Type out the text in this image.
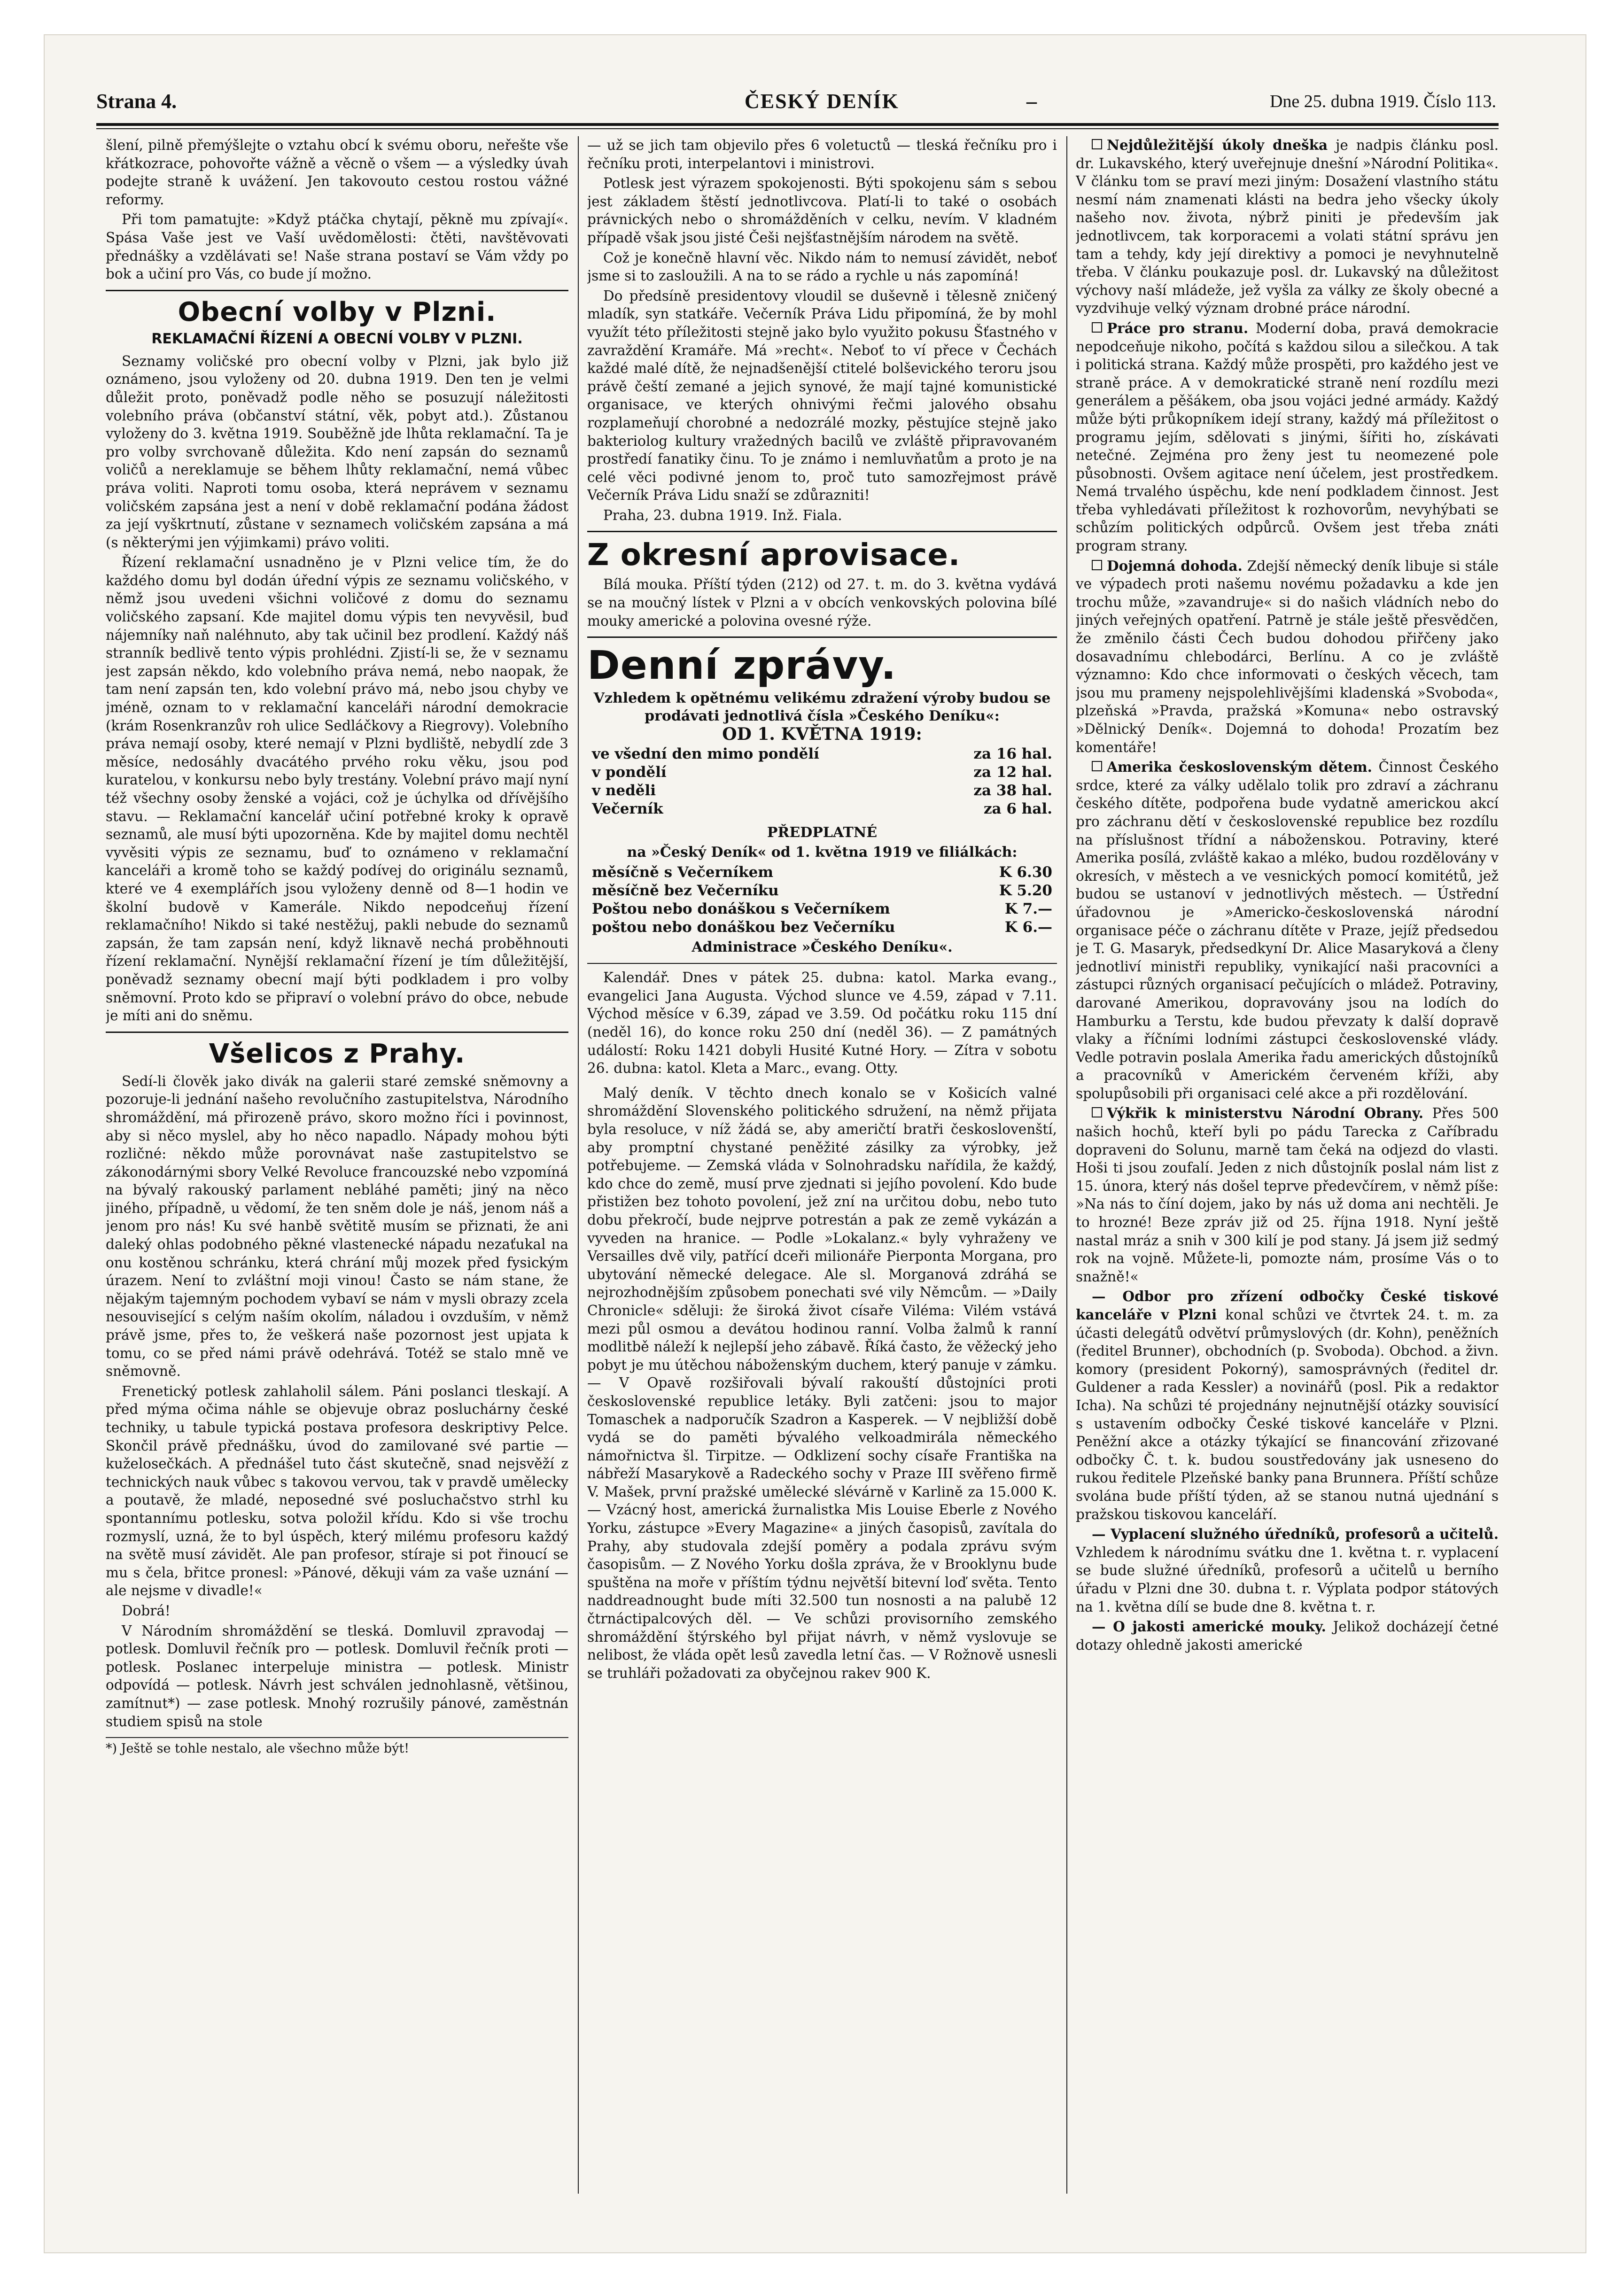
Strana 4.	ČESKÝ DENÍK	–	Dne 25. dubna 1919. Číslo 113.

šlení, pilně přemýšlejte o vztahu obcí k svému oboru, neřešte vše křátkozrace, pohovořte vážně a věcně o všem — a výsledky úvah podejte straně k uvážení. Jen takovouto cestou rostou vážné reformy.

Při tom pamatujte: »Když ptáčka chytají, pěkně mu zpívají«. Spása Vaše jest ve Vaší uvědomělosti: čtěti, navštěvovati přednášky a vzdělávati se! Naše strana postaví se Vám vždy po bok a učiní pro Vás, co bude jí možno.

Obecní volby v Plzni.
REKLAMAČNÍ ŘÍZENÍ A OBECNÍ VOLBY V PLZNI.

Seznamy voličské pro obecní volby v Plzni, jak bylo již oznámeno, jsou vyloženy od 20. dubna 1919. Den ten je velmi důležit proto, poněvadž podle něho se posuzují náležitosti volebního práva (občanství státní, věk, pobyt atd.). Zůstanou vyloženy do 3. května 1919. Souběžně jde lhůta reklamační. Ta je pro volby svrchovaně důležita. Kdo není zapsán do seznamů voličů a nereklamuje se během lhůty reklamační, nemá vůbec práva voliti. Naproti tomu osoba, která neprávem v seznamu voličském zapsána jest a není v době reklamační podána žádost za její vyškrtnutí, zůstane v seznamech voličském zapsána a má (s některými jen výjimkami) právo voliti.

Řízení reklamační usnadněno je v Plzni velice tím, že do každého domu byl dodán úřední výpis ze seznamu voličského, v němž jsou uvedeni všichni voličové z domu do seznamu voličského zapsaní. Kde majitel domu výpis ten nevyvěsil, buď nájemníky naň naléhnuto, aby tak učinil bez prodlení. Každý náš stranník bedlivě tento výpis prohlédni. Zjistí-li se, že v seznamu jest zapsán někdo, kdo volebního práva nemá, nebo naopak, že tam není zapsán ten, kdo volební právo má, nebo jsou chyby ve jméně, oznam to v reklamační kanceláři národní demokracie (krám Rosenkranzův roh ulice Sedláčkovy a Riegrovy). Volebního práva nemají osoby, které nemají v Plzni bydliště, nebydlí zde 3 měsíce, nedosáhly dvacátého prvého roku věku, jsou pod kuratelou, v konkursu nebo byly trestány. Volební právo mají nyní též všechny osoby ženské a vojáci, což je úchylka od dřívějšího stavu. — Reklamační kancelář učiní potřebné kroky k opravě seznamů, ale musí býti upozorněna. Kde by majitel domu nechtěl vyvěsiti výpis ze seznamu, buď to oznámeno v reklamační kanceláři a kromě toho se každý podívej do originálu seznamů, které ve 4 exemplářích jsou vyloženy denně od 8—1 hodin ve školní budově v Kamerále. Nikdo nepodceňuj řízení reklamačního! Nikdo si také nestěžuj, pakli nebude do seznamů zapsán, že tam zapsán není, když liknavě nechá proběhnouti řízení reklamační. Nynější reklamační řízení je tím důležitější, poněvadž seznamy obecní mají býti podkladem i pro volby sněmovní. Proto kdo se připraví o volební právo do obce, nebude je míti ani do sněmu.

Všelicos z Prahy.

Sedí-li člověk jako divák na galerii staré zemské sněmovny a pozoruje-li jednání našeho revolučního zastupitelstva, Národního shromáždění, má přirozeně právo, skoro možno říci i povinnost, aby si něco myslel, aby ho něco napadlo. Nápady mohou býti rozličné: někdo může porovnávat naše zastupitelstvo se zákonodárnými sbory Velké Revoluce francouzské nebo vzpomíná na bývalý rakouský parlament nebláhé paměti; jiný na něco jiného, případně, u vědomí, že ten sněm dole je náš, jenom náš a jenom pro nás! Ku své hanbě světitě musím se přiznati, že ani daleký ohlas podobného pěkné vlastenecké nápadu nezaťukal na onu kostěnou schránku, která chrání můj mozek před fysickým úrazem. Není to zvláštní moji vinou! Často se nám stane, že nějakým tajemným pochodem vybaví se nám v mysli obrazy zcela nesouvisející s celým naším okolím, náladou i ovzduším, v němž právě jsme, přes to, že veškerá naše pozornost jest upjata k tomu, co se před námi právě odehrává. Totéž se stalo mně ve sněmovně.

Frenetický potlesk zahlaholil sálem. Páni poslanci tleskají. A před mýma očima náhle se objevuje obraz posluchárny české techniky, u tabule typická postava profesora deskriptivy Pelce. Skončil právě přednášku, úvod do zamilované své partie — kuželosečkách. A přednášel tuto část skutečně, snad nejsvěží z technických nauk vůbec s takovou vervou, tak v pravdě umělecky a poutavě, že mladé, neposedné své posluchačstvo strhl ku spontannímu potlesku, sotva položil křídu. Kdo si vše trochu rozmyslí, uzná, že to byl úspěch, který milému profesoru každý na světě musí závidět. Ale pan profesor, stíraje si pot řinoucí se mu s čela, břitce pronesl: »Pánové, děkuji vám za vaše uznání — ale nejsme v divadle!«

Dobrá!

V Národním shromáždění se tleská. Domluvil zpravodaj — potlesk. Domluvil řečník pro — potlesk. Domluvil řečník proti — potlesk. Poslanec interpeluje ministra — potlesk. Ministr odpovídá — potlesk. Návrh jest schválen jednohlasně, většinou, zamítnut*) — zase potlesk. Mnohý rozrušily pánové, zaměstnán studiem spisů na stole

*) Ještě se tohle nestalo, ale všechno může být!

— už se jich tam objevilo přes 6 voletuctů — tleská řečníku pro i řečníku proti, interpelantovi i ministrovi.

Potlesk jest výrazem spokojenosti. Býti spokojenu sám s sebou jest základem štěstí jednotlivcova. Platí-li to také o osobách právnických nebo o shromážděních v celku, nevím. V kladném případě však jsou jisté Češi nejšťastnějším národem na světě.

Což je konečně hlavní věc. Nikdo nám to nemusí závidět, neboť jsme si to zasloužili. A na to se rádo a rychle u nás zapomíná!

Do předsíně presidentovy vloudil se duševně i tělesně zničený mladík, syn statkáře. Večerník Práva Lidu připomíná, že by mohl využít této příležitosti stejně jako bylo využito pokusu Šťastného v zavraždění Kramáře. Má »recht«. Neboť to ví přece v Čechách každé malé dítě, že nejnadšenější ctitelé bolševického teroru jsou právě čeští zemané a jejich synové, že mají tajné komunistické organisace, ve kterých ohnivými řečmi jalového obsahu rozplameňují chorobné a nedozrálé mozky, pěstujíce stejně jako bakteriolog kultury vražedných bacilů ve zvláště připravovaném prostředí fanatiky činu. To je známo i nemluvňatům a proto je na celé věci podivné jenom to, proč tuto samozřejmost právě Večerník Práva Lidu snaží se zdůrazniti!

Praha, 23. dubna 1919. Inž. Fiala.

Z okresní aprovisace.

Bílá mouka. Příští týden (212) od 27. t. m. do 3. května vydává se na moučný lístek v Plzni a v obcích venkovských polovina bílé mouky americké a polovina ovesné rýže.

Denní zprávy.
Vzhledem k opětnému velikému zdražení výroby budou se prodávati jednotlivá čísla »Českého Deníku«:
OD 1. KVĚTNA 1919:
ve všední den mimo pondělí	za 16 hal.
v pondělí	za 12 hal.
v neděli	za 38 hal.
Večerník	za 6 hal.
PŘEDPLATNÉ
na »Český Deník« od 1. května 1919 ve filiálkách:
měsíčně s Večerníkem	K 6.30
měsíčně bez Večerníku	K 5.20
Poštou nebo donáškou s Večerníkem	K 7.—
poštou nebo donáškou bez Večerníku	K 6.—
Administrace »Českého Deníku«.

Kalendář. Dnes v pátek 25. dubna: katol. Marka evang., evangelici Jana Augusta. Východ slunce ve 4.59, západ v 7.11. Východ měsíce v 6.39, západ ve 3.59. Od počátku roku 115 dní (neděl 16), do konce roku 250 dní (neděl 36). — Z památných událostí: Roku 1421 dobyli Husité Kutné Hory. — Zítra v sobotu 26. dubna: katol. Kleta a Marc., evang. Otty.

Malý deník. V těchto dnech konalo se v Košicích valné shromáždění Slovenského politického sdružení, na němž přijata byla resoluce, v níž žádá se, aby američtí bratři českoslovenští, aby promptní chystané peněžité zásilky za výrobky, jež potřebujeme. — Zemská vláda v Solnohradsku nařídila, že každý, kdo chce do země, musí prve zjednati si jejího povolení. Kdo bude přistižen bez tohoto povolení, jež zní na určitou dobu, nebo tuto dobu překročí, bude nejprve potrestán a pak ze země vykázán a vyveden na hranice. — Podle »Lokalanz.« byly vyhraženy ve Versailles dvě vily, patřící dceři milionáře Pierponta Morgana, pro ubytování německé delegace. Ale sl. Morganová zdráhá se nejrozhodnějším způsobem ponechati své vily Němcům. — »Daily Chronicle« sděluji: že široká život císaře Viléma: Vilém vstává mezi půl osmou a devátou hodinou ranní. Volba žalmů k ranní modlitbě náleží k nejlepší jeho zábavě. Říká často, že věžecký jeho pobyt je mu útěchou náboženským duchem, který panuje v zámku. — V Opavě rozšiřovali bývalí rakouští důstojníci proti československé republice letáky. Byli zatčeni: jsou to major Tomaschek a nadporučík Szadron a Kasperek. — V nejbližší době vydá se do paměti bývalého velkoadmirála německého námořnictva šl. Tirpitze. — Odklizení sochy císaře Františka na nábřeží Masarykově a Radeckého sochy v Praze III svěřeno firmě V. Mašek, první pražské umělecké slévárně v Karlině za 15.000 K. — Vzácný host, americká žurnalistka Mis Louise Eberle z Nového Yorku, zástupce »Every Magazine« a jiných časopisů, zavítala do Prahy, aby studovala zdejší poměry a podala zprávu svým časopisům. — Z Nového Yorku došla zpráva, že v Brooklynu bude spuštěna na moře v příštím týdnu největší bitevní loď světa. Tento naddreadnought bude míti 32.500 tun nosnosti a na palubě 12 čtrnáctipalcových děl. — Ve schůzi provisorního zemského shromáždění štýrského byl přijat návrh, v němž vyslovuje se nelibost, že vláda opět lesů zavedla letní čas. — V Rožnově usnesli se truhláři požadovati za obyčejnou rakev 900 K.

Nejdůležitější úkoly dneška je nadpis článku posl. dr. Lukavského, který uveřejnuje dnešní »Národní Politika«. V článku tom se praví mezi jiným: Dosažení vlastního státu nesmí nám znamenati klásti na bedra jeho všecky úkoly našeho nov. života, nýbrž piniti je především jak jednotlivcem, tak korporacemi a volati státní správu jen tam a tehdy, kdy její direktivy a pomoci je nevyhnutelně třeba. V článku poukazuje posl. dr. Lukavský na důležitost výchovy naší mládeže, jež vyšla za války ze školy obecné a vyzdvihuje velký význam drobné práce národní.

Práce pro stranu. Moderní doba, pravá demokracie nepodceňuje nikoho, počítá s každou silou a silečkou. A tak i politická strana. Každý může prospěti, pro každého jest ve straně práce. A v demokratické straně není rozdílu mezi generálem a pěšákem, oba jsou vojáci jedné armády. Každý může býti průkopníkem idejí strany, každý má příležitost o programu jejím, sdělovati s jinými, šířiti ho, získávati netečné. Zejména pro ženy jest tu neomezené pole působnosti. Ovšem agitace není účelem, jest prostředkem. Nemá trvalého úspěchu, kde není podkladem činnost. Jest třeba vyhledávati příležitost k rozhovorům, nevyhýbati se schůzím politických odpůrců. Ovšem jest třeba znáti program strany.

Dojemná dohoda. Zdejší německý deník libuje si stále ve výpadech proti našemu novému požadavku a kde jen trochu může, »zavandruje« si do našich vládních nebo do jiných veřejných opatření. Patrně je stále ještě přesvědčen, že změnilo části Čech budou dohodou přiřčeny jako dosavadnímu chlebodárci, Berlínu. A co je zvláště významno: Kdo chce informovati o českých věcech, tam jsou mu prameny nejspolehlivějšími kladenská »Svoboda«, plzeňská »Pravda, pražská »Komuna« nebo ostravský »Dělnický Deník«. Dojemná to dohoda! Prozatím bez komentáře!

Amerika československým dětem. Činnost Českého srdce, které za války udělalo tolik pro zdraví a záchranu českého dítěte, podpořena bude vydatně americkou akcí pro záchranu dětí v československé republice bez rozdílu na příslušnost třídní a náboženskou. Potraviny, které Amerika posílá, zvláště kakao a mléko, budou rozdělovány v okresích, v městech a ve vesnických pomocí komitétů, jež budou se ustanoví v jednotlivých městech. — Ústřední úřadovnou je »Americko-československá národní organisace péče o záchranu dítěte v Praze, jejíž předsedou je T. G. Masaryk, předsedkyní Dr. Alice Masaryková a členy jednotliví ministři republiky, vynikající naši pracovníci a zástupci různých organisací pečujících o mládež. Potraviny, darované Amerikou, dopravovány jsou na lodích do Hamburku a Terstu, kde budou převzaty k další dopravě vlaky a říčními lodními zástupci československé vlády. Vedle potravin poslala Amerika řadu amerických důstojníků a pracovníků v Americkém červeném kříži, aby spolupůsobili při organisaci celé akce a při rozdělování.

Výkřik k ministerstvu Národní Obrany. Přes 500 našich hochů, kteří byli po pádu Tarecka z Caříbradu dopraveni do Solunu, marně tam čeká na odjezd do vlasti. Hoši ti jsou zoufalí. Jeden z nich důstojník poslal nám list z 15. února, který nás došel teprve předevčírem, v němž píše: »Na nás to číní dojem, jako by nás už doma ani nechtěli. Je to hrozné! Beze zpráv již od 25. října 1918. Nyní ještě nastal mráz a snih v 300 kilí je pod stany. Já jsem již sedmý rok na vojně. Můžete-li, pomozte nám, prosíme Vás o to snažně!«

— Odbor pro zřízení odbočky České tiskové kanceláře v Plzni konal schůzi ve čtvrtek 24. t. m. za účasti delegátů odvětví průmyslových (dr. Kohn), peněžních (ředitel Brunner), obchodních (p. Svoboda). Obchod. a živn. komory (president Pokorný), samosprávných (ředitel dr. Guldener a rada Kessler) a novinářů (posl. Pik a redaktor Icha). Na schůzi té projednány nejnutnější otázky souvisící s ustavením odbočky České tiskové kanceláře v Plzni. Peněžní akce a otázky týkající se financování zřizované odbočky Č. t. k. budou soustředovány jak usneseno do rukou ředitele Plzeňské banky pana Brunnera. Příští schůze svolána bude příští týden, až se stanou nutná ujednání s pražskou tiskovou kanceláří.

— Vyplacení služného úředníků, profesorů a učitelů. Vzhledem k národnímu svátku dne 1. května t. r. vyplacení se bude služné úředníků, profesorů a učitelů u berního úřadu v Plzni dne 30. dubna t. r. Výplata podpor státových na 1. května dílí se bude dne 8. května t. r.

— O jakosti americké mouky. Jelikož docházejí četné dotazy ohledně jakosti americké
